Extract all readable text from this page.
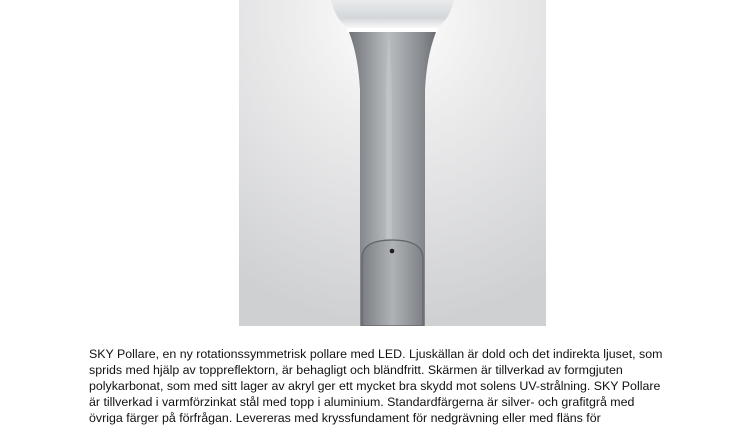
SKY Pollare, en ny rotationssymmetrisk pollare med LED. Ljuskällan är dold och det indirekta ljuset, som
sprids med hjälp av toppreflektorn, är behagligt och bländfritt. Skärmen är tillverkad av formgjuten
polykarbonat, som med sitt lager av akryl ger ett mycket bra skydd mot solens UV-strålning. SKY Pollare
är tillverkad i varmförzinkat stål med topp i aluminium. Standardfärgerna är silver- och grafitgrå med
övriga färger på förfrågan. Levereras med kryssfundament för nedgrävning eller med fläns för
